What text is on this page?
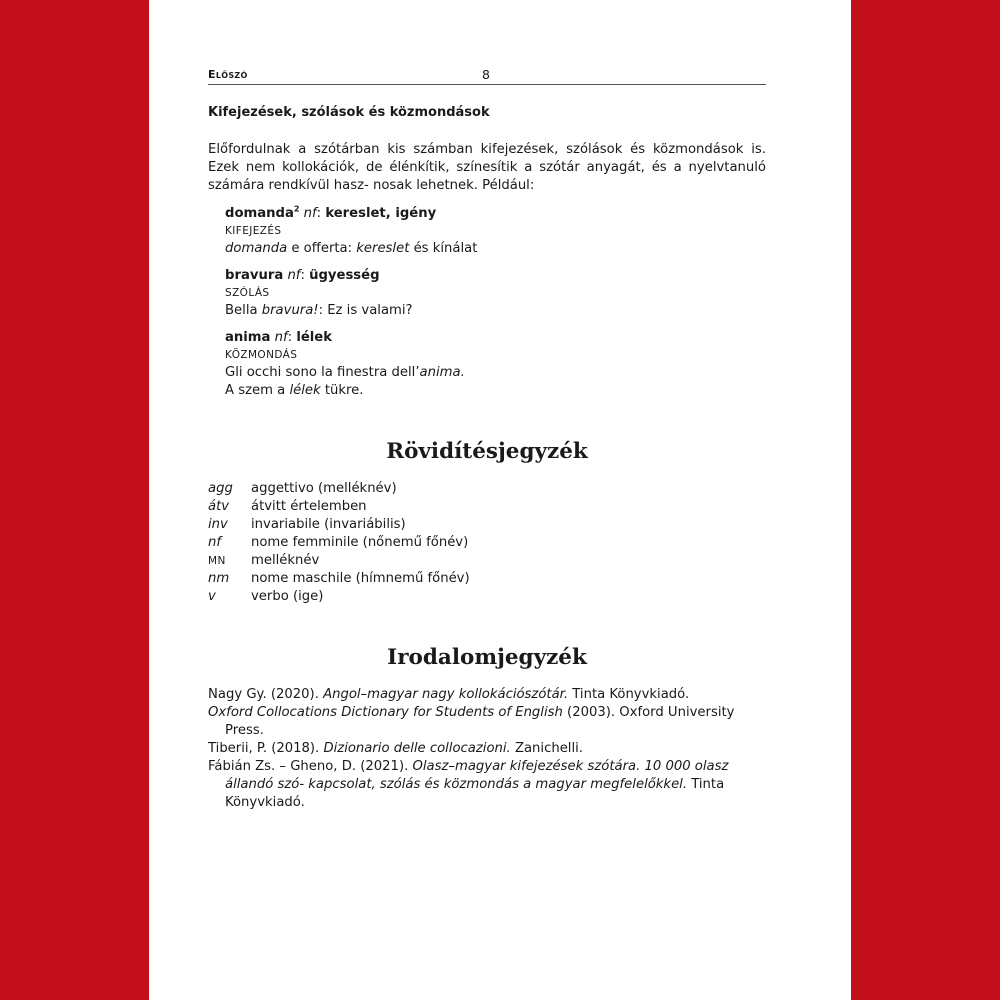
Előszó	8

Kifejezések, szólások és közmondások

Előfordulnak a szótárban kis számban kifejezések, szólások és közmondások is. Ezek nem kollokációk, de élénkítik, színesítik a szótár anyagát, és a nyelvtanuló számára rendkívül hasz- nosak lehetnek. Például:

domanda$^2$ nf: kereslet, igény
KIFEJEZÉS
domanda e offerta: kereslet és kínálat
bravura nf: ügyesség
SZÓLÁS
Bella bravura!: Ez is valami?
anima nf: lélek
KÖZMONDÁS
Gli occhi sono la finestra dell’anima.
A szem a lélek tükre.
Rövidítésjegyzék
agg	aggettivo (melléknév)
átv	átvitt értelemben
inv	invariabile (invariábilis)
nf	nome femminile (nőnemű főnév)
MN	melléknév
nm	nome maschile (hímnemű főnév)
v	verbo (ige)
Irodalomjegyzék

Nagy Gy. (2020). Angol–magyar nagy kollokációszótár. Tinta Könyvkiadó.

Oxford Collocations Dictionary for Students of English (2003). Oxford University Press.

Tiberii, P. (2018). Dizionario delle collocazioni. Zanichelli.

Fábián Zs. – Gheno, D. (2021). Olasz–magyar kifejezések szótára. 10 000 olasz állandó szó- kapcsolat, szólás és közmondás a magyar megfelelőkkel. Tinta Könyvkiadó.
